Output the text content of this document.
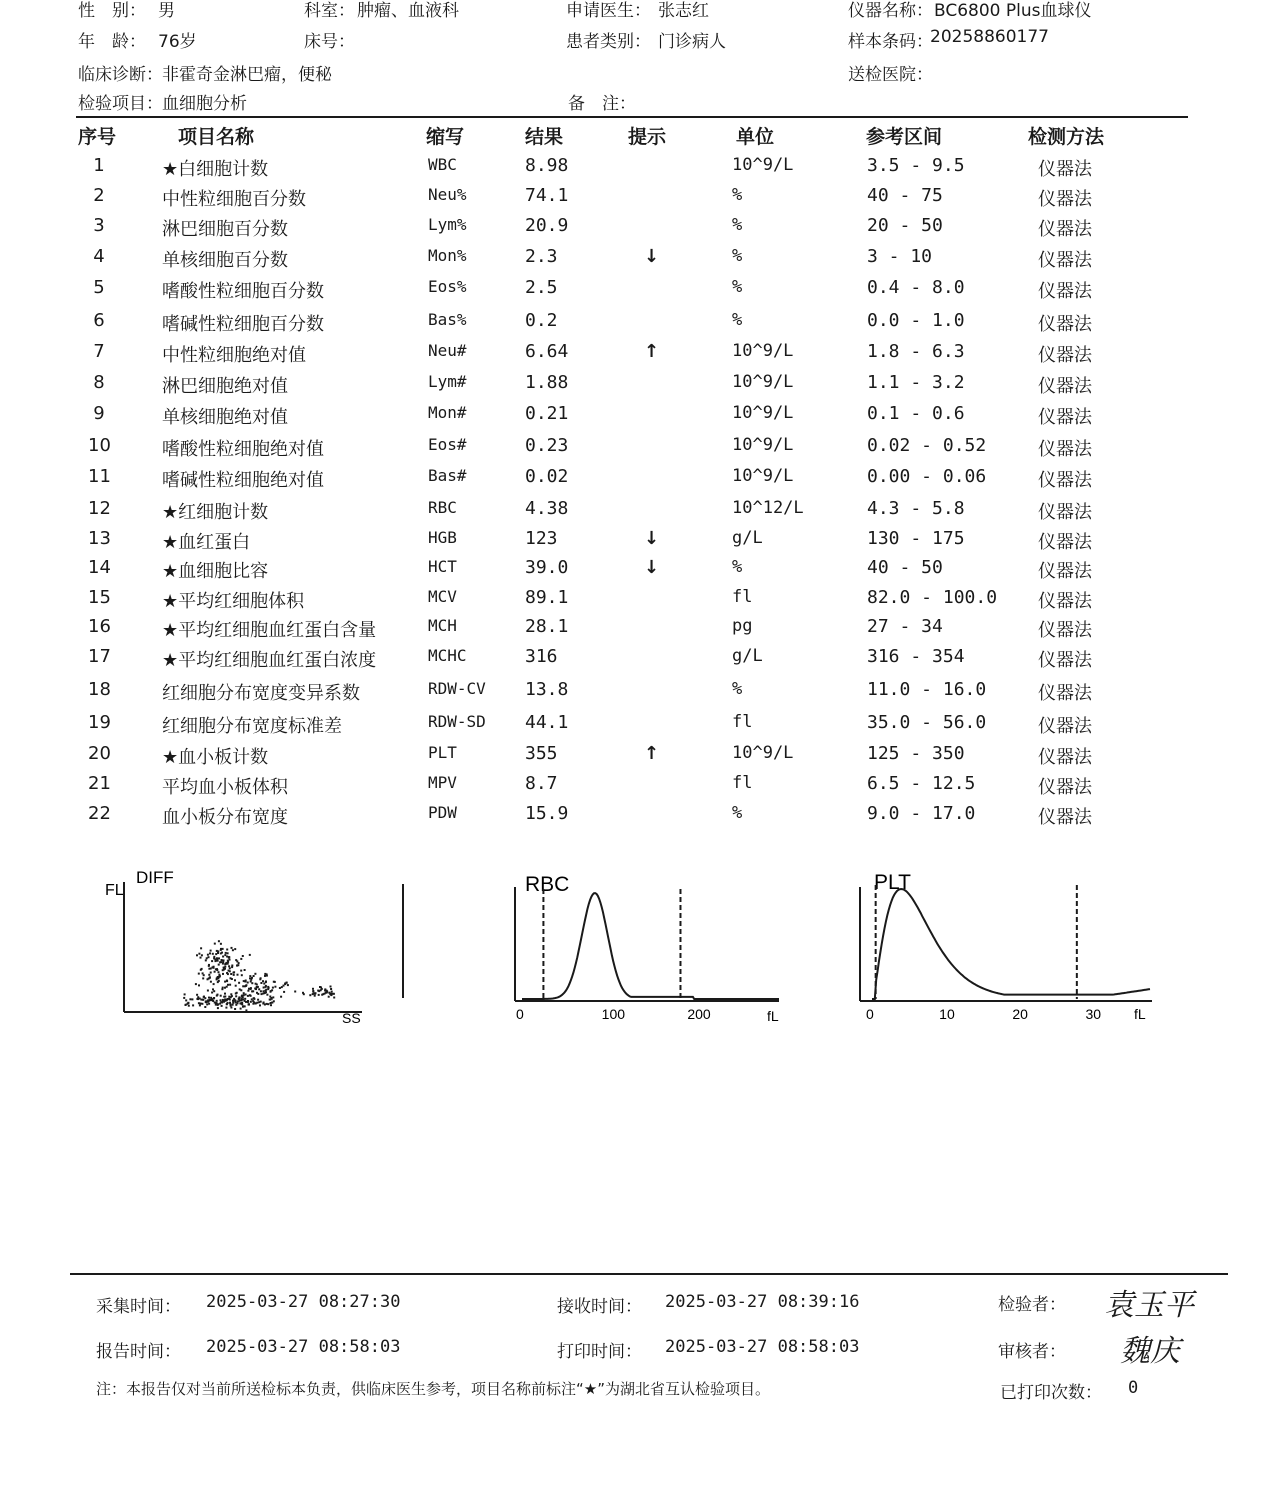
性　别： 男	科室： 肿瘤、血液科	申请医生： 张志红	仪器名称： BC6800 Plus血球仪
年　龄： 76岁	床号：	患者类别： 门诊病人	样本条码：
20258860177
临床诊断： 非霍奇金淋巴瘤，便秘	送检医院：
检验项目： 血细胞分析	备　注：
序号	项目名称	缩写	结果	提示	单位	参考区间	检测方法
1	★白细胞计数	WBC	8.98	10^9/L	3.5 - 9.5	仪器法
2	中性粒细胞百分数	Neu%	74.1	%	40 - 75	仪器法
3	淋巴细胞百分数	Lym%	20.9	%	20 - 50	仪器法
4	单核细胞百分数	Mon%	2.3	↓	%	3 - 10	仪器法
5	嗜酸性粒细胞百分数	Eos%	2.5	%	0.4 - 8.0	仪器法
6	嗜碱性粒细胞百分数	Bas%	0.2	%	0.0 - 1.0	仪器法
7	中性粒细胞绝对值	Neu#	6.64	↑	10^9/L	1.8 - 6.3	仪器法
8	淋巴细胞绝对值	Lym#	1.88	10^9/L	1.1 - 3.2	仪器法
9	单核细胞绝对值	Mon#	0.21	10^9/L	0.1 - 0.6	仪器法
10	嗜酸性粒细胞绝对值	Eos#	0.23	10^9/L	0.02 - 0.52	仪器法
11	嗜碱性粒细胞绝对值	Bas#	0.02	10^9/L	0.00 - 0.06	仪器法
12	★红细胞计数	RBC	4.38	10^12/L	4.3 - 5.8	仪器法
13	★血红蛋白	HGB	123	↓	g/L	130 - 175	仪器法
14	★血细胞比容	HCT	39.0	↓	%	40 - 50	仪器法
15	★平均红细胞体积	MCV	89.1	fl	82.0 - 100.0 仪器法
16	★平均红细胞血红蛋白含量	MCH	28.1	pg	27 - 34	仪器法
17	★平均红细胞血红蛋白浓度	MCHC	316	g/L	316 - 354	仪器法
18	红细胞分布宽度变异系数	RDW-CV 13.8	%	11.0 - 16.0	仪器法
19	红细胞分布宽度标准差	RDW-SD 44.1	fl	35.0 - 56.0	仪器法
20	★血小板计数	PLT	355	↑	10^9/L	125 - 350	仪器法
21	平均血小板体积	MPV	8.7	fl	6.5 - 12.5	仪器法
22	血小板分布宽度	PDW	15.9	%	9.0 - 17.0	仪器法
FL
DIFF
SS
RBC
0	100	200	fL
PLT
0	10	20	30 fL
采集时间： 2025-03-27 08:27:30	接收时间： 2025-03-27 08:39:16	检验者： 袁玉平
报告时间： 2025-03-27 08:58:03	打印时间： 2025-03-27 08:58:03	审核者： 魏庆
注：本报告仅对当前所送检标本负责，供临床医生参考，项目名称前标注“★”为湖北省互认检验项目。	已打印次数： 0
